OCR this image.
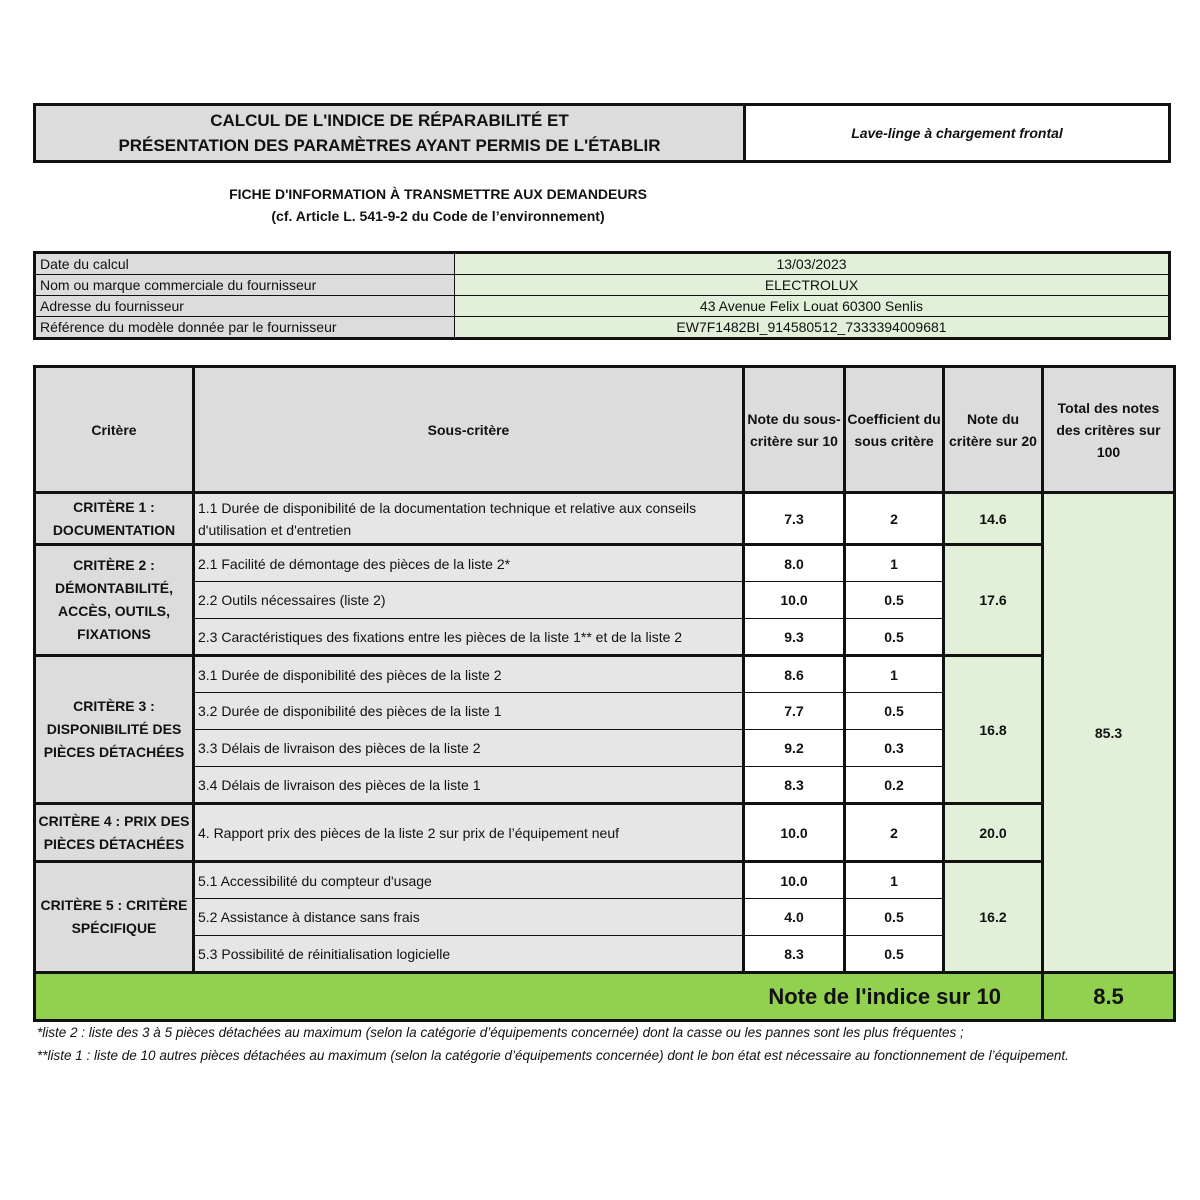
CALCUL DE L'INDICE DE RÉPARABILITÉ ET
PRÉSENTATION DES PARAMÈTRES AYANT PERMIS DE L'ÉTABLIR
Lave-linge à chargement frontal
FICHE D'INFORMATION À TRANSMETTRE AUX DEMANDEURS
(cf. Article L. 541-9-2 du Code de l’environnement)
Date du calcul	13/03/2023
Nom ou marque commerciale du fournisseur	ELECTROLUX
Adresse du fournisseur	43 Avenue Felix Louat 60300 Senlis
Référence du modèle donnée par le fournisseur	EW7F1482BI_914580512_7333394009681
Critère	Sous-critère	Note du sous-critère sur 10	Coefficient du sous critère	Note du critère sur 20	Total des notes des critères sur 100
CRITÈRE 1 : DOCUMENTATION	1.1 Durée de disponibilité de la documentation technique et relative aux conseils d'utilisation et d'entretien	7.3	2	14.6	85.3
CRITÈRE 2 : DÉMONTABILITÉ, ACCÈS, OUTILS, FIXATIONS	2.1 Facilité de démontage des pièces de la liste 2*	8.0	1	17.6	
	2.2 Outils nécessaires (liste 2)	10.0	0.5		
	2.3 Caractéristiques des fixations entre les pièces de la liste 1** et de la liste 2	9.3	0.5		
CRITÈRE 3 : DISPONIBILITÉ DES PIÈCES DÉTACHÉES	3.1 Durée de disponibilité des pièces de la liste 2	8.6	1	16.8	
	3.2 Durée de disponibilité des pièces de la liste 1	7.7	0.5		
	3.3 Délais de livraison des pièces de la liste 2	9.2	0.3		
	3.4 Délais de livraison des pièces de la liste 1	8.3	0.2		
CRITÈRE 4 : PRIX DES PIÈCES DÉTACHÉES	4. Rapport prix des pièces de la liste 2 sur prix de l’équipement neuf	10.0	2	20.0	
CRITÈRE 5 : CRITÈRE SPÉCIFIQUE	5.1 Accessibilité du compteur d'usage	10.0	1	16.2	
	5.2 Assistance à distance sans frais	4.0	0.5		
	5.3 Possibilité de réinitialisation logicielle	8.3	0.5		
Note de l'indice sur 10					8.5
*liste 2 : liste des 3 à 5 pièces détachées au maximum (selon la catégorie d’équipements concernée) dont la casse ou les pannes sont les plus fréquentes ;
**liste 1 : liste de 10 autres pièces détachées au maximum (selon la catégorie d’équipements concernée) dont le bon état est nécessaire au fonctionnement de l’équipement.
